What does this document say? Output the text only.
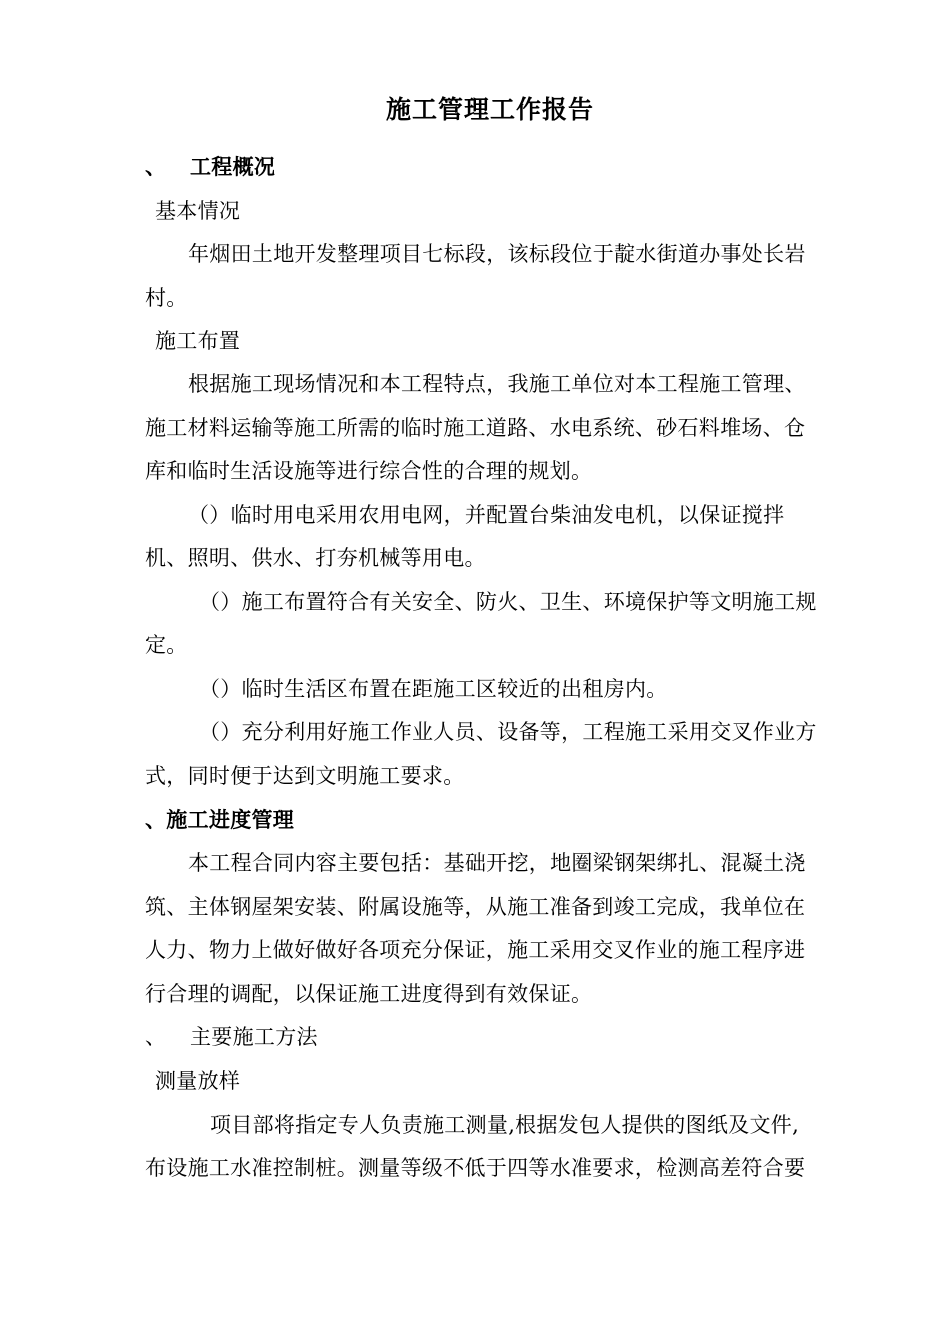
施工管理工作报告
、 工程概况
基本情况
年烟田土地开发整理项目七标段，该标段位于靛水街道办事处长岩
村。
施工布置
根据施工现场情况和本工程特点，我施工单位对本工程施工管理、
施工材料运输等施工所需的临时施工道路、水电系统、砂石料堆场、仓
库和临时生活设施等进行综合性的合理的规划。
（）临时用电采用农用电网，并配置台柴油发电机，以保证搅拌
机、照明、供水、打夯机械等用电。
（）施工布置符合有关安全、防火、卫生、环境保护等文明施工规
定。
（）临时生活区布置在距施工区较近的出租房内。
（）充分利用好施工作业人员、设备等，工程施工采用交叉作业方
式，同时便于达到文明施工要求。
、施工进度管理
本工程合同内容主要包括：基础开挖，地圈梁钢架绑扎、混凝土浇
筑、主体钢屋架安装、附属设施等，从施工准备到竣工完成，我单位在
人力、物力上做好做好各项充分保证，施工采用交叉作业的施工程序进
行合理的调配，以保证施工进度得到有效保证。
、 主要施工方法
测量放样
项目部将指定专人负责施工测量,根据发包人提供的图纸及文件,
布设施工水准控制桩。测量等级不低于四等水准要求，检测高差符合要
